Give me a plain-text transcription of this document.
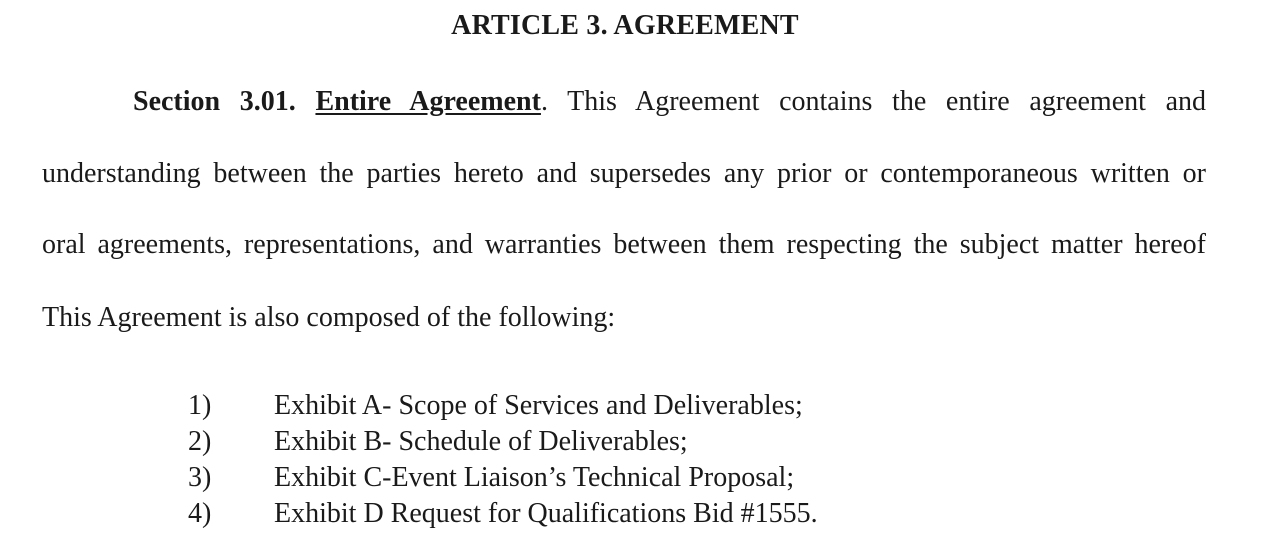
ARTICLE 3. AGREEMENT
Section 3.01. Entire Agreement. This Agreement contains the entire agreement and
understanding between the parties hereto and supersedes any prior or contemporaneous written or
oral agreements, representations, and warranties between them respecting the subject matter hereof
This Agreement is also composed of the following:
1)	Exhibit A- Scope of Services and Deliverables;
2)	Exhibit B- Schedule of Deliverables;
3)	Exhibit C-Event Liaison’s Technical Proposal;
4)	Exhibit D Request for Qualifications Bid #1555.
